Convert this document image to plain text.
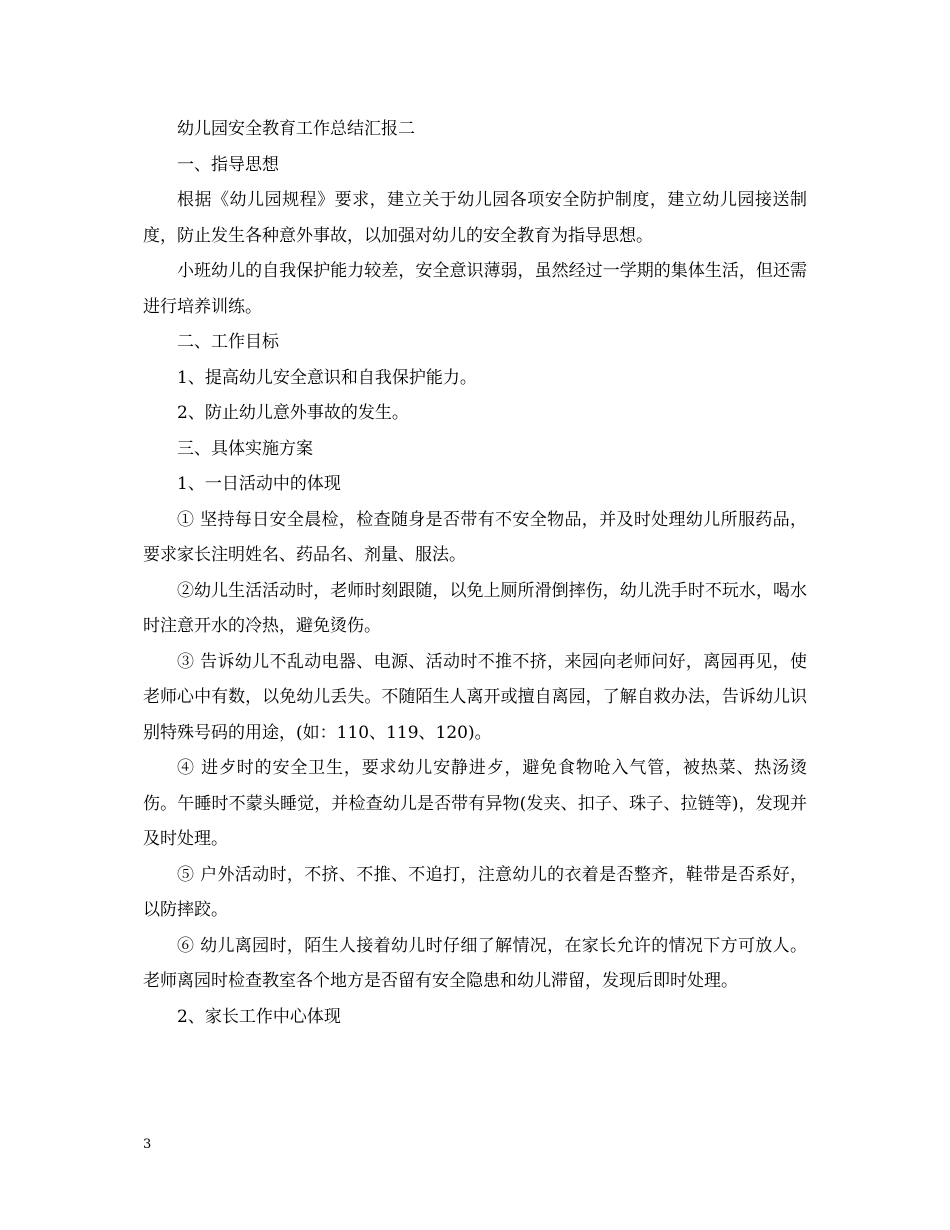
幼儿园安全教育工作总结汇报二

一、指导思想

根据《幼儿园规程》要求，建立关于幼儿园各项安全防护制度，建立幼儿园接送制度，防止发生各种意外事故，以加强对幼儿的安全教育为指导思想。

小班幼儿的自我保护能力较差，安全意识薄弱，虽然经过一学期的集体生活，但还需进行培养训练。

二、工作目标

1、提高幼儿安全意识和自我保护能力。

2、防止幼儿意外事故的发生。

三、具体实施方案

1、一日活动中的体现

① 坚持每日安全晨检，检查随身是否带有不安全物品，并及时处理幼儿所服药品，要求家长注明姓名、药品名、剂量、服法。

②幼儿生活活动时，老师时刻跟随，以免上厕所滑倒摔伤，幼儿洗手时不玩水，喝水时注意开水的冷热，避免烫伤。

③ 告诉幼儿不乱动电器、电源、活动时不推不挤，来园向老师问好，离园再见，使老师心中有数，以免幼儿丢失。不随陌生人离开或擅自离园，了解自救办法，告诉幼儿识别特殊号码的用途，(如：110、119、120)。

④ 进歺时的安全卫生，要求幼儿安静进歺，避免食物呛入气管，被热菜、热汤烫伤。午睡时不蒙头睡觉，并检查幼儿是否带有异物(发夹、扣子、珠子、拉链等)，发现并及时处理。

⑤ 户外活动时，不挤、不推、不追打，注意幼儿的衣着是否整齐，鞋带是否系好，以防摔跤。

⑥ 幼儿离园时，陌生人接着幼儿时仔细了解情况，在家长允许的情况下方可放人。老师离园时检查教室各个地方是否留有安全隐患和幼儿滞留，发现后即时处理。

2、家长工作中心体现

3
